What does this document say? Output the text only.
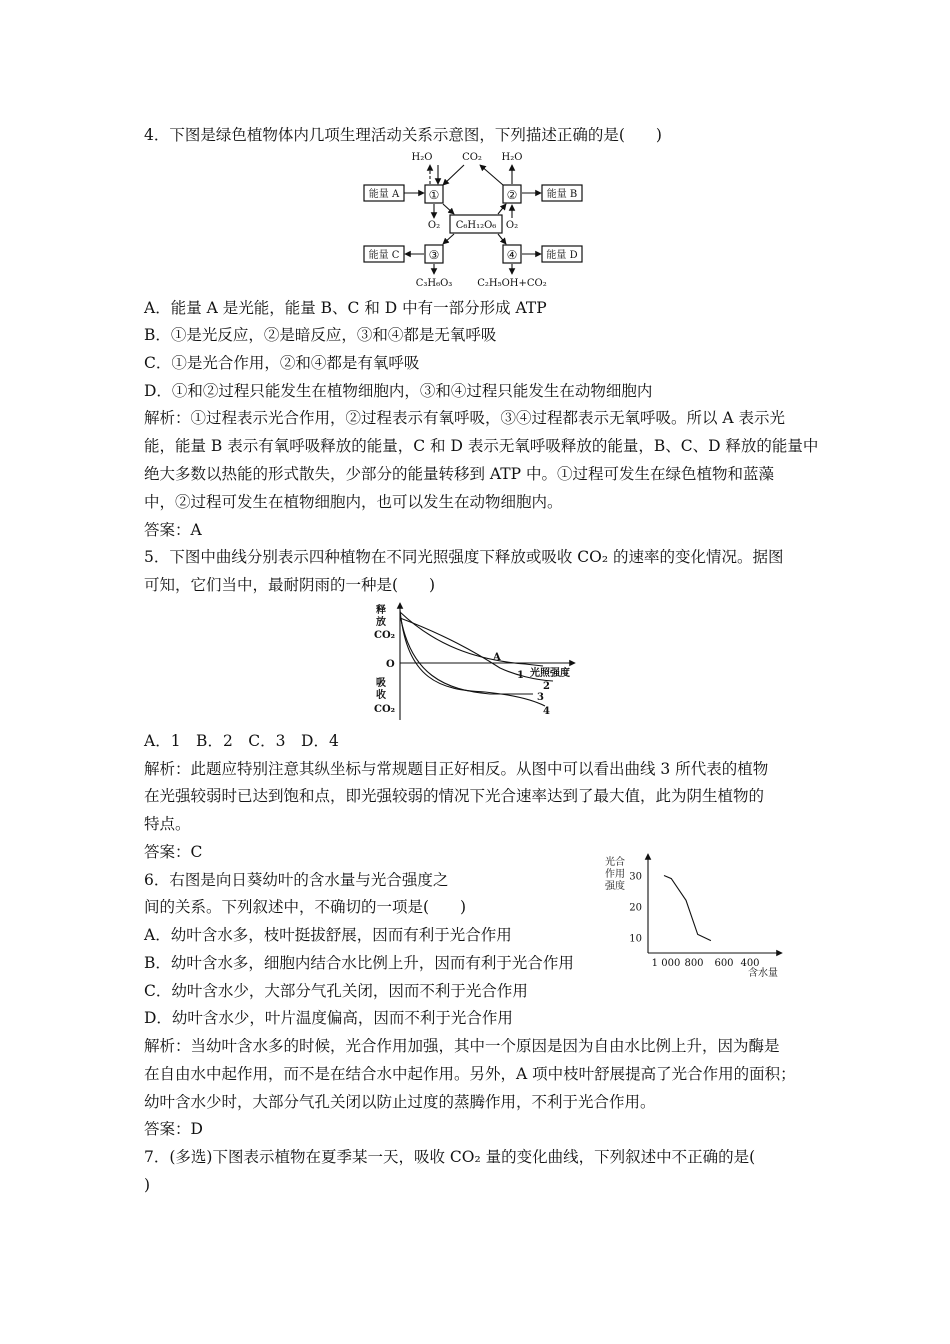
4．下图是绿色植物体内几项生理活动关系示意图，下列描述正确的是(　　)
H₂O	CO₂ H₂O
①	②
③	④
C₆H₁₂O₆
能量 A	能量 B
能量 C	能量 D
O₂	O₂
C₃H₆O₃ C₂H₅OH+CO₂
A．能量 A 是光能，能量 B、C 和 D 中有一部分形成 ATP
B．①是光反应，②是暗反应，③和④都是无氧呼吸
C．①是光合作用，②和④都是有氧呼吸
D．①和②过程只能发生在植物细胞内，③和④过程只能发生在动物细胞内
解析：①过程表示光合作用，②过程表示有氧呼吸，③④过程都表示无氧呼吸。所以 A 表示光
能，能量 B 表示有氧呼吸释放的能量，C 和 D 表示无氧呼吸释放的能量，B、C、D 释放的能量中
绝大多数以热能的形式散失，少部分的能量转移到 ATP 中。①过程可发生在绿色植物和蓝藻
中，②过程可发生在植物细胞内，也可以发生在动物细胞内。
答案：A
5．下图中曲线分别表示四种植物在不同光照强度下释放或吸收 CO₂ 的速率的变化情况。据图
可知，它们当中，最耐阴雨的一种是(　　)
释
放
CO₂
O
吸
收
CO₂
光照强度
A
1
2
3
4
A．1　B．2　C．3　D．4
解析：此题应特别注意其纵坐标与常规题目正好相反。从图中可以看出曲线 3 所代表的植物
在光强较弱时已达到饱和点，即光强较弱的情况下光合速率达到了最大值，此为阴生植物的
特点。
答案：C
6．右图是向日葵幼叶的含水量与光合强度之
间的关系。下列叙述中，不确切的一项是(　　)
光合
作用
强度
30
20
10
1 000 800 600 400
含水量
A．幼叶含水多，枝叶挺拔舒展，因而有利于光合作用
B．幼叶含水多，细胞内结合水比例上升，因而有利于光合作用
C．幼叶含水少，大部分气孔关闭，因而不利于光合作用
D．幼叶含水少，叶片温度偏高，因而不利于光合作用
解析：当幼叶含水多的时候，光合作用加强，其中一个原因是因为自由水比例上升，因为酶是
在自由水中起作用，而不是在结合水中起作用。另外，A 项中枝叶舒展提高了光合作用的面积；
幼叶含水少时，大部分气孔关闭以防止过度的蒸腾作用，不利于光合作用。
答案：D
7．(多选)下图表示植物在夏季某一天，吸收 CO₂ 量的变化曲线，下列叙述中不正确的是(
)
